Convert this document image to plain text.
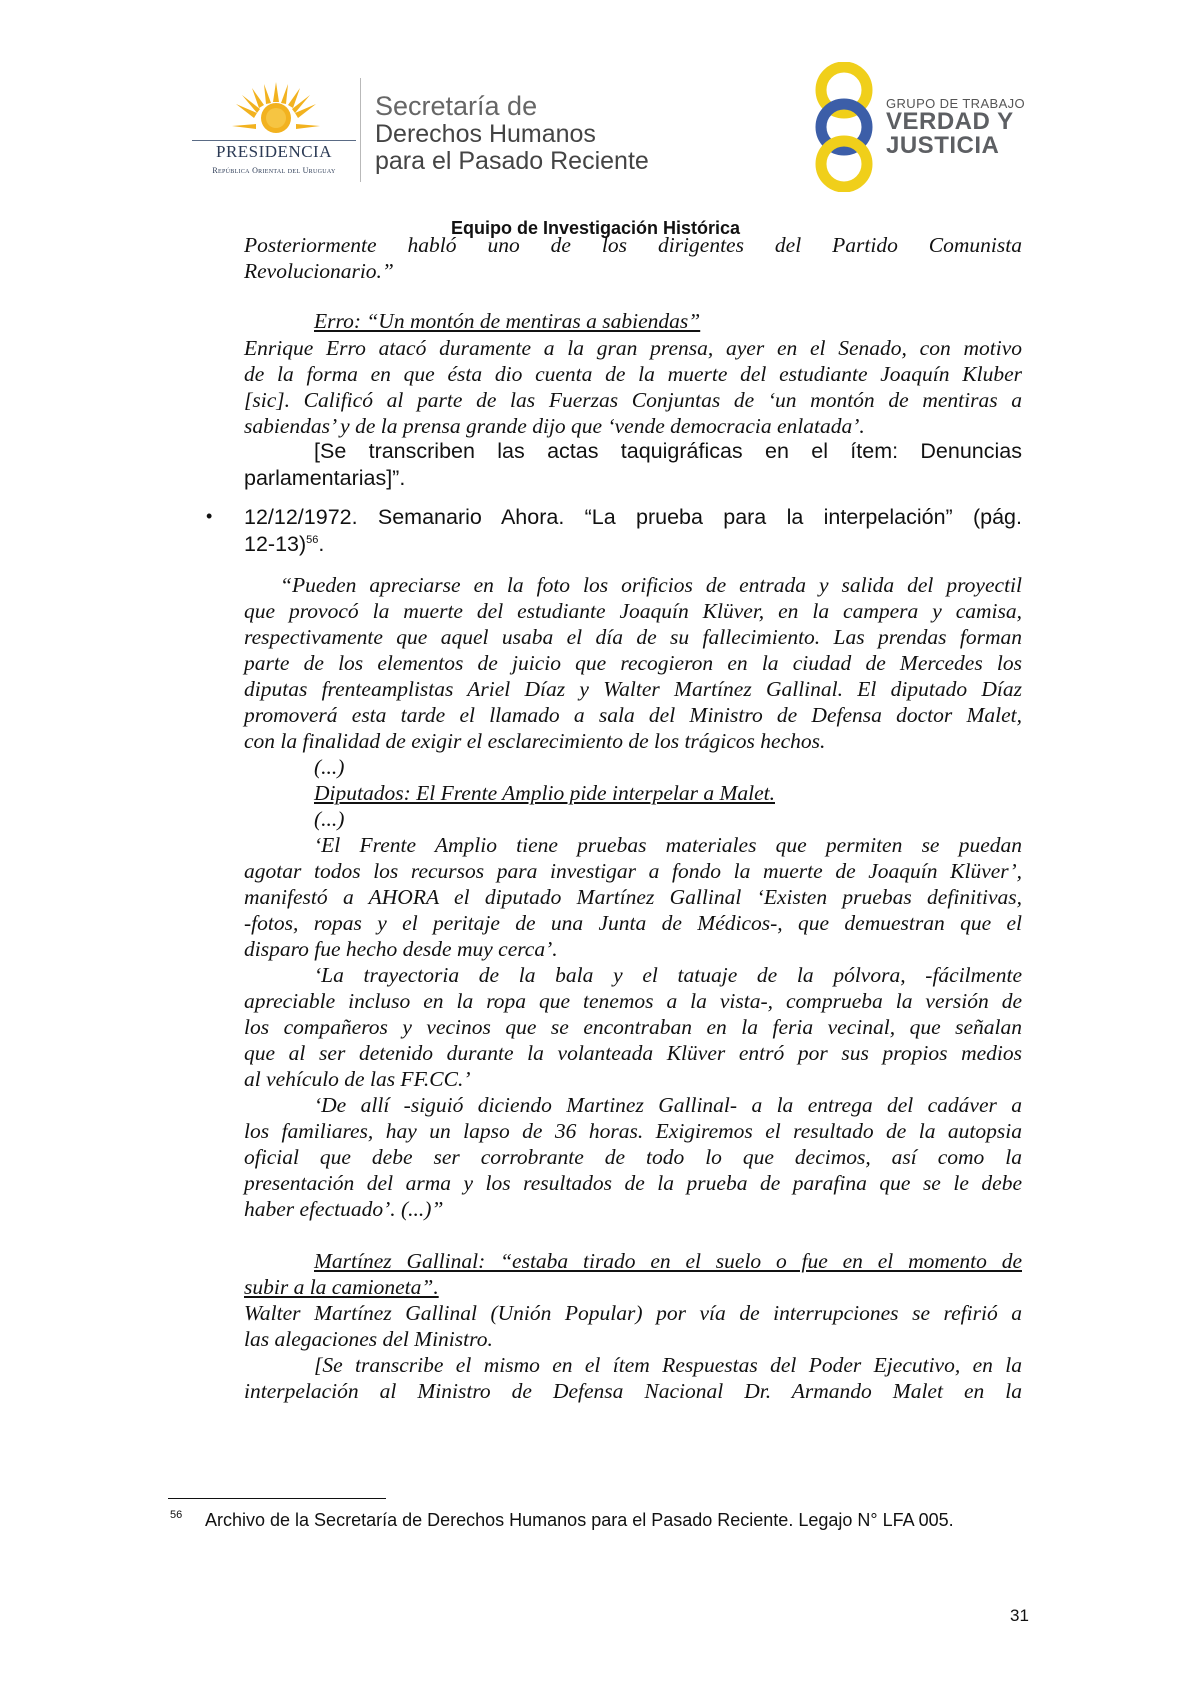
PRESIDENCIA
República Oriental del Uruguay
Secretaría de
Derechos Humanos
para el Pasado Reciente
GRUPO DE TRABAJO
VERDAD Y
JUSTICIA
Equipo de Investigación Histórica
Posteriormente habló uno de los dirigentes del Partido Comunista
Revolucionario.”
Erro: “Un montón de mentiras a sabiendas”
Enrique Erro atacó duramente a la gran prensa, ayer en el Senado, con motivo
de la forma en que ésta dio cuenta de la muerte del estudiante Joaquín Kluber
[sic]. Calificó al parte de las Fuerzas Conjuntas de ‘un montón de mentiras a
sabiendas’ y de la prensa grande dijo que ‘vende democracia enlatada’.
[Se transcriben las actas taquigráficas en el ítem: Denuncias
parlamentarias]”.
• 12/12/1972. Semanario Ahora. “La prueba para la interpelación” (pág.
12-13)$^{56}$.
“Pueden apreciarse en la foto los orificios de entrada y salida del proyectil
que provocó la muerte del estudiante Joaquín Klüver, en la campera y camisa,
respectivamente que aquel usaba el día de su fallecimiento. Las prendas forman
parte de los elementos de juicio que recogieron en la ciudad de Mercedes los
diputas frenteamplistas Ariel Díaz y Walter Martínez Gallinal. El diputado Díaz
promoverá esta tarde el llamado a sala del Ministro de Defensa doctor Malet,
con la finalidad de exigir el esclarecimiento de los trágicos hechos.
(...)
Diputados: El Frente Amplio pide interpelar a Malet.
(...)
‘El Frente Amplio tiene pruebas materiales que permiten se puedan
agotar todos los recursos para investigar a fondo la muerte de Joaquín Klüver’,
manifestó a AHORA el diputado Martínez Gallinal ‘Existen pruebas definitivas,
-fotos, ropas y el peritaje de una Junta de Médicos-, que demuestran que el
disparo fue hecho desde muy cerca’.
‘La trayectoria de la bala y el tatuaje de la pólvora, -fácilmente
apreciable incluso en la ropa que tenemos a la vista-, comprueba la versión de
los compañeros y vecinos que se encontraban en la feria vecinal, que señalan
que al ser detenido durante la volanteada Klüver entró por sus propios medios
al vehículo de las FF.CC.’
‘De allí -siguió diciendo Martinez Gallinal- a la entrega del cadáver a
los familiares, hay un lapso de 36 horas. Exigiremos el resultado de la autopsia
oficial que debe ser corrobrante de todo lo que decimos, así como la
presentación del arma y los resultados de la prueba de parafina que se le debe
haber efectuado’. (...)”
Martínez Gallinal: “estaba tirado en el suelo o fue en el momento de
subir a la camioneta”.
Walter Martínez Gallinal (Unión Popular) por vía de interrupciones se refirió a
las alegaciones del Ministro.
[Se transcribe el mismo en el ítem Respuestas del Poder Ejecutivo, en la
interpelación al Ministro de Defensa Nacional Dr. Armando Malet en la
56 Archivo de la Secretaría de Derechos Humanos para el Pasado Reciente. Legajo N° LFA 005.
31
